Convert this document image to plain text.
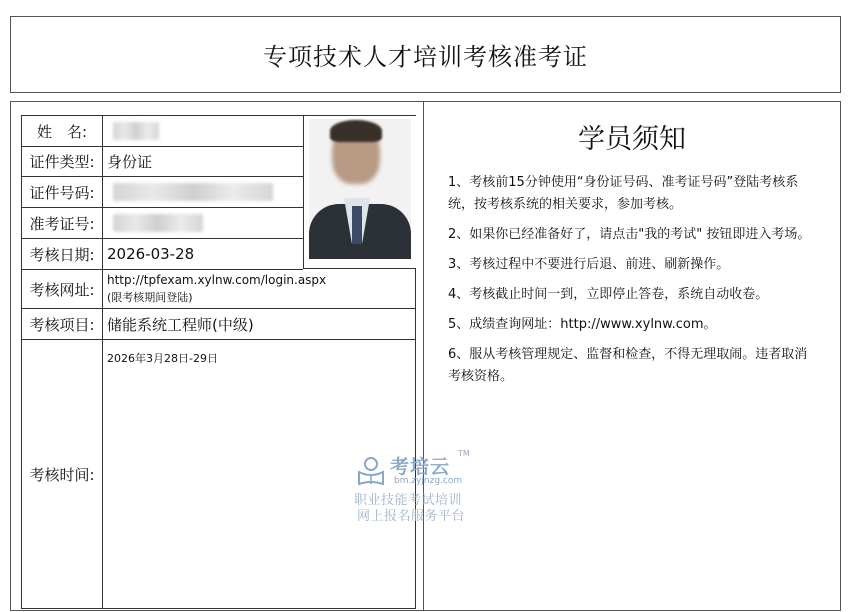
专项技术人才培训考核准考证
姓　名:
证件类型: 身份证
证件号码:
准考证号:
考核日期: 2026-03-28
考核网址:
http://tpfexam.xylnw.com/login.aspx
(限考核期间登陆)
考核项目: 储能系统工程师(中级)
考核时间:
2026年3月28日-29日
学员须知

1、考核前15分钟使用“身份证号码、准考证号码”登陆考核系统，按考核系统的相关要求，参加考核。

2、如果你已经准备好了，请点击"我的考试" 按钮即进入考场。

3、考核过程中不要进行后退、前进、刷新操作。

4、考核截止时间一到，立即停止答卷，系统自动收卷。

5、成绩查询网址：http://www.xylnw.com。

6、服从考核管理规定、监督和检查，不得无理取闹。违者取消考核资格。

考培云
TM
bm.zyjnzg.com
职业技能考试培训
网上报名服务平台
